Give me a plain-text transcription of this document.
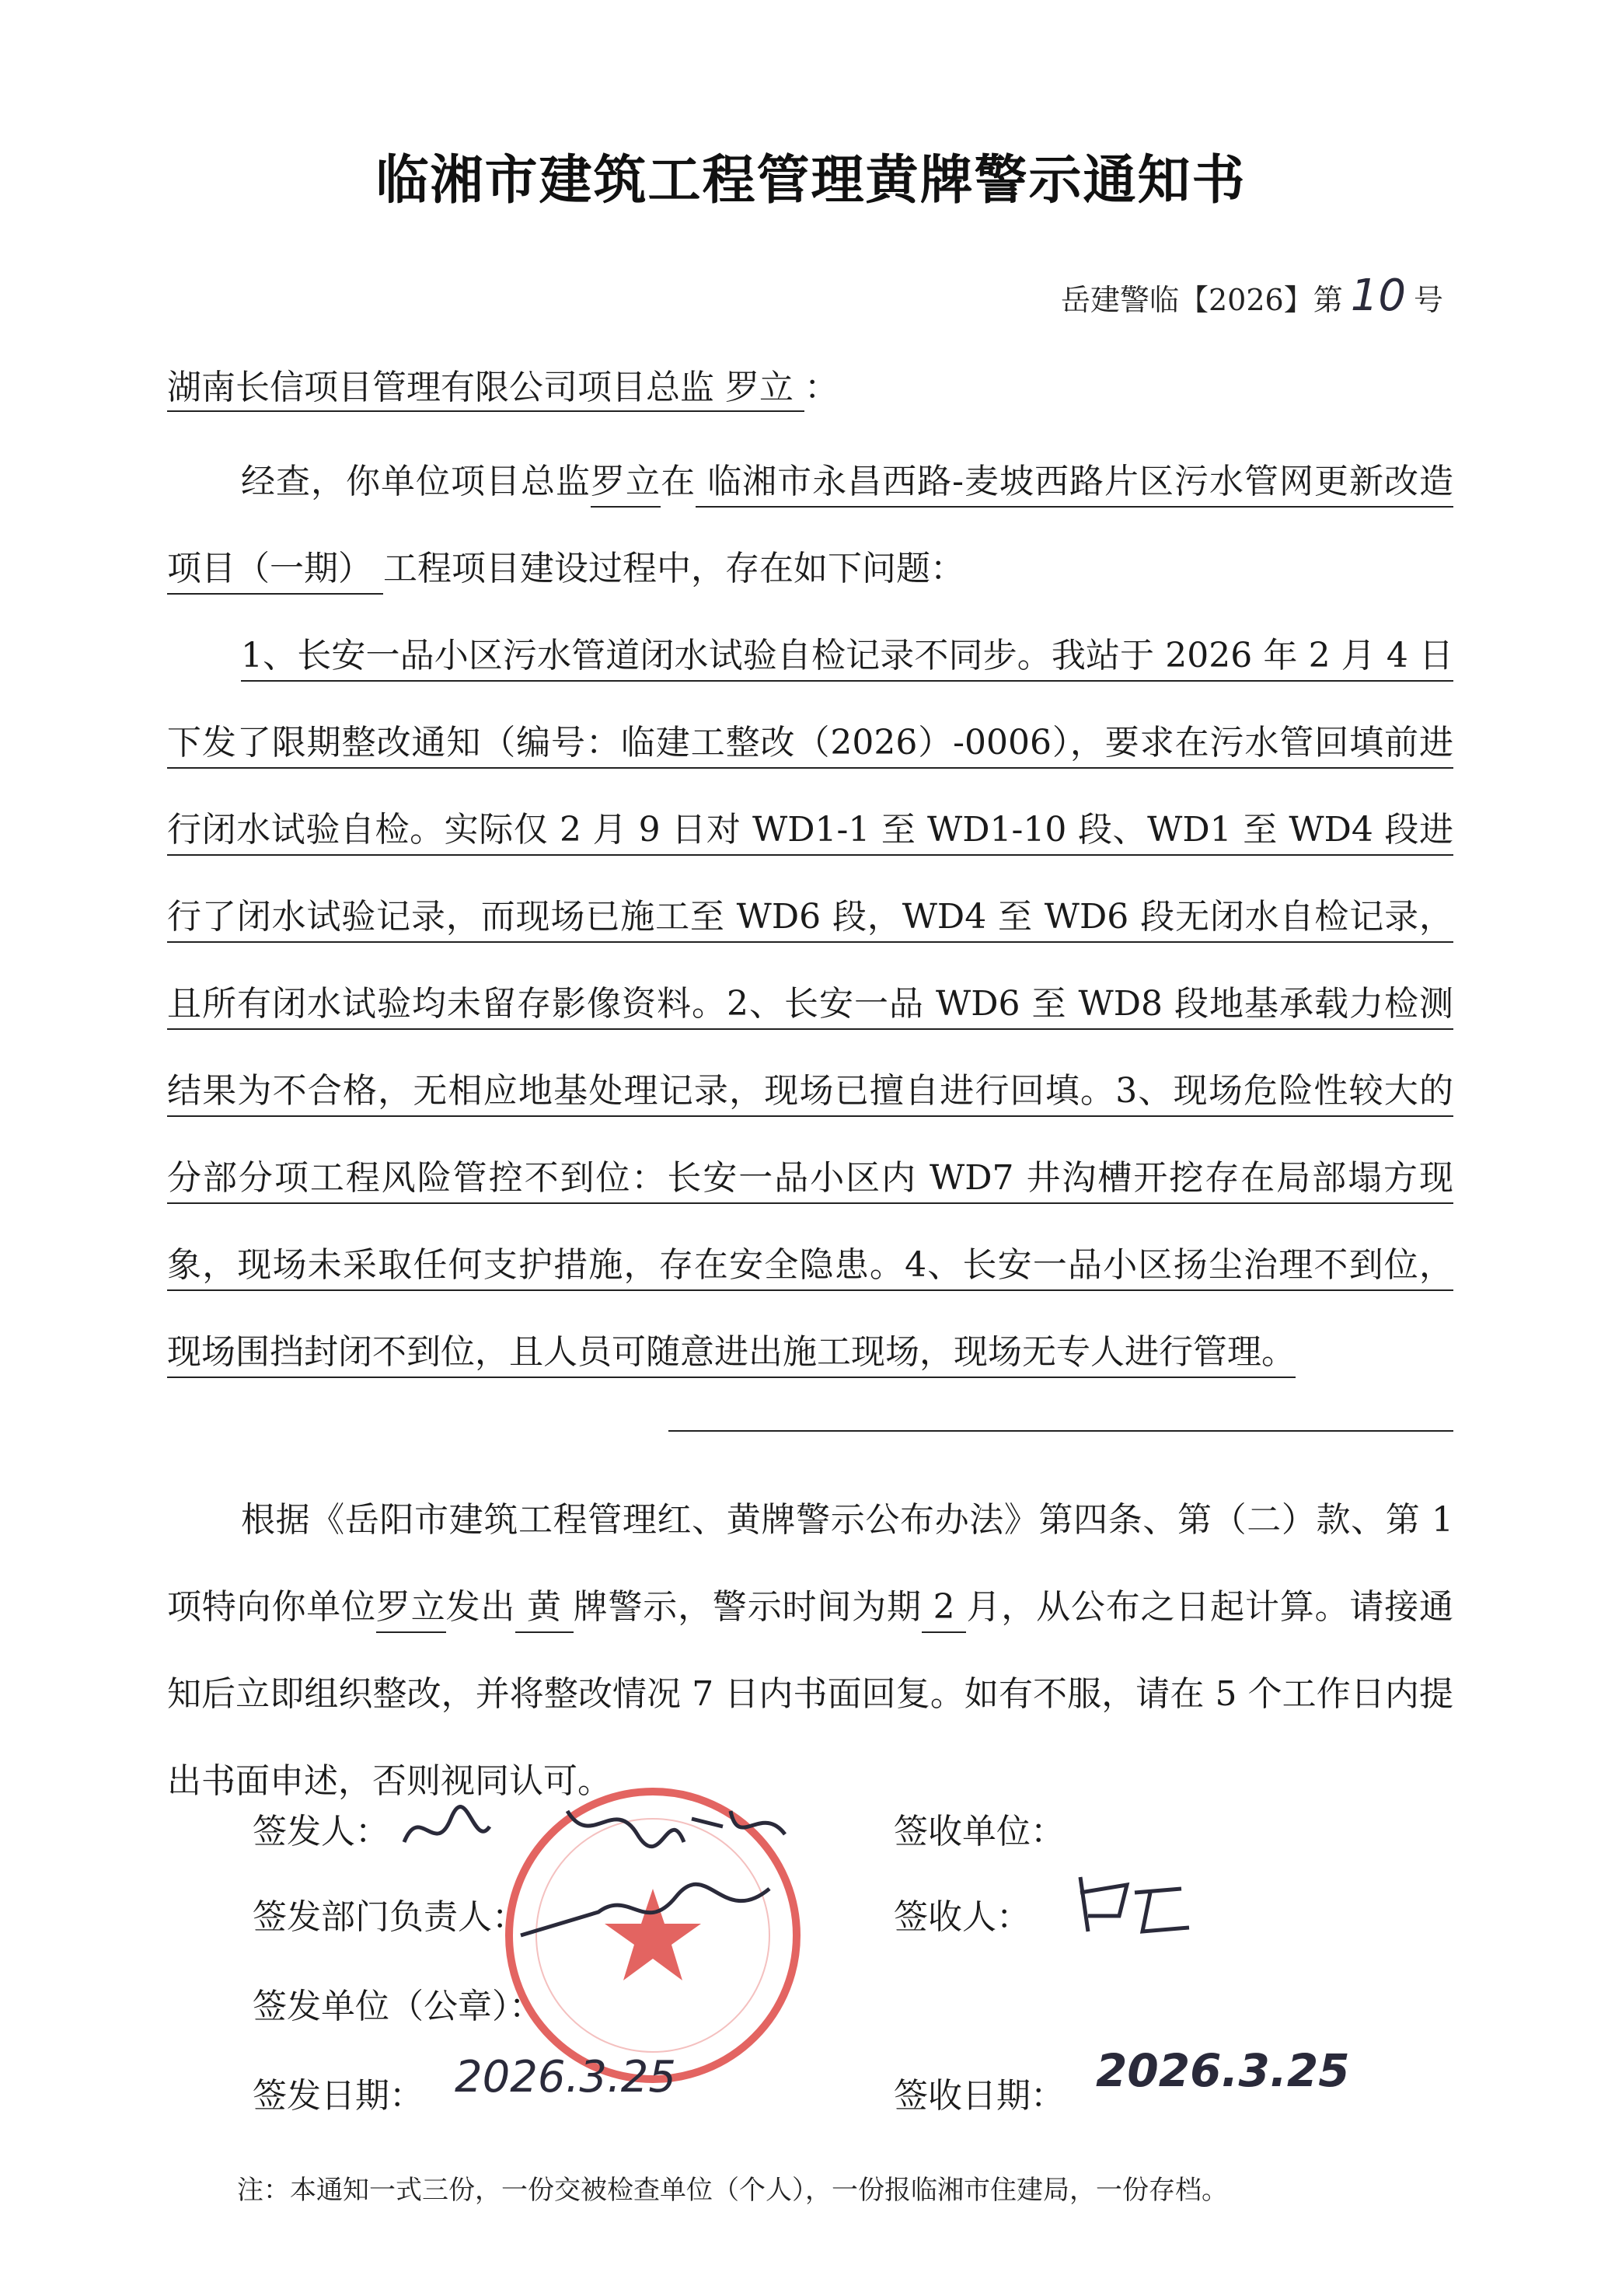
临湘市建筑工程管理黄牌警示通知书
岳建警临【2026】第 10 号
湖南长信项目管理有限公司项目总监 罗立 ：
经查，你单位项目总监罗立在 临湘市永昌西路-麦坡西路片区污水管网更新改造项目（一期） 工程项目建设过程中，存在如下问题：
1、长安一品小区污水管道闭水试验自检记录不同步。我站于 2026 年 2 月 4 日下发了限期整改通知（编号：临建工整改（2026）-0006），要求在污水管回填前进行闭水试验自检。实际仅 2 月 9 日对 WD1-1 至 WD1-10 段、WD1 至 WD4 段进行了闭水试验记录，而现场已施工至 WD6 段，WD4 至 WD6 段无闭水自检记录，且所有闭水试验均未留存影像资料。2、长安一品 WD6 至 WD8 段地基承载力检测结果为不合格，无相应地基处理记录，现场已擅自进行回填。3、现场危险性较大的分部分项工程风险管控不到位：长安一品小区内 WD7 井沟槽开挖存在局部塌方现象，现场未采取任何支护措施，存在安全隐患。4、长安一品小区扬尘治理不到位，现场围挡封闭不到位，且人员可随意进出施工现场，现场无专人进行管理。
根据《岳阳市建筑工程管理红、黄牌警示公布办法》第四条、第（二）款、第 1 项特向你单位罗立发出 黄 牌警示，警示时间为期 2 月，从公布之日起计算。请接通知后立即组织整改，并将整改情况 7 日内书面回复。如有不服，请在 5 个工作日内提出书面申述，否则视同认可。
签发人：
签发部门负责人：
签发单位（公章）：
签发日期： 2026.3.25
签收单位：
签收人：
签收日期： 2026.3.25
注：本通知一式三份，一份交被检查单位（个人），一份报临湘市住建局，一份存档。
